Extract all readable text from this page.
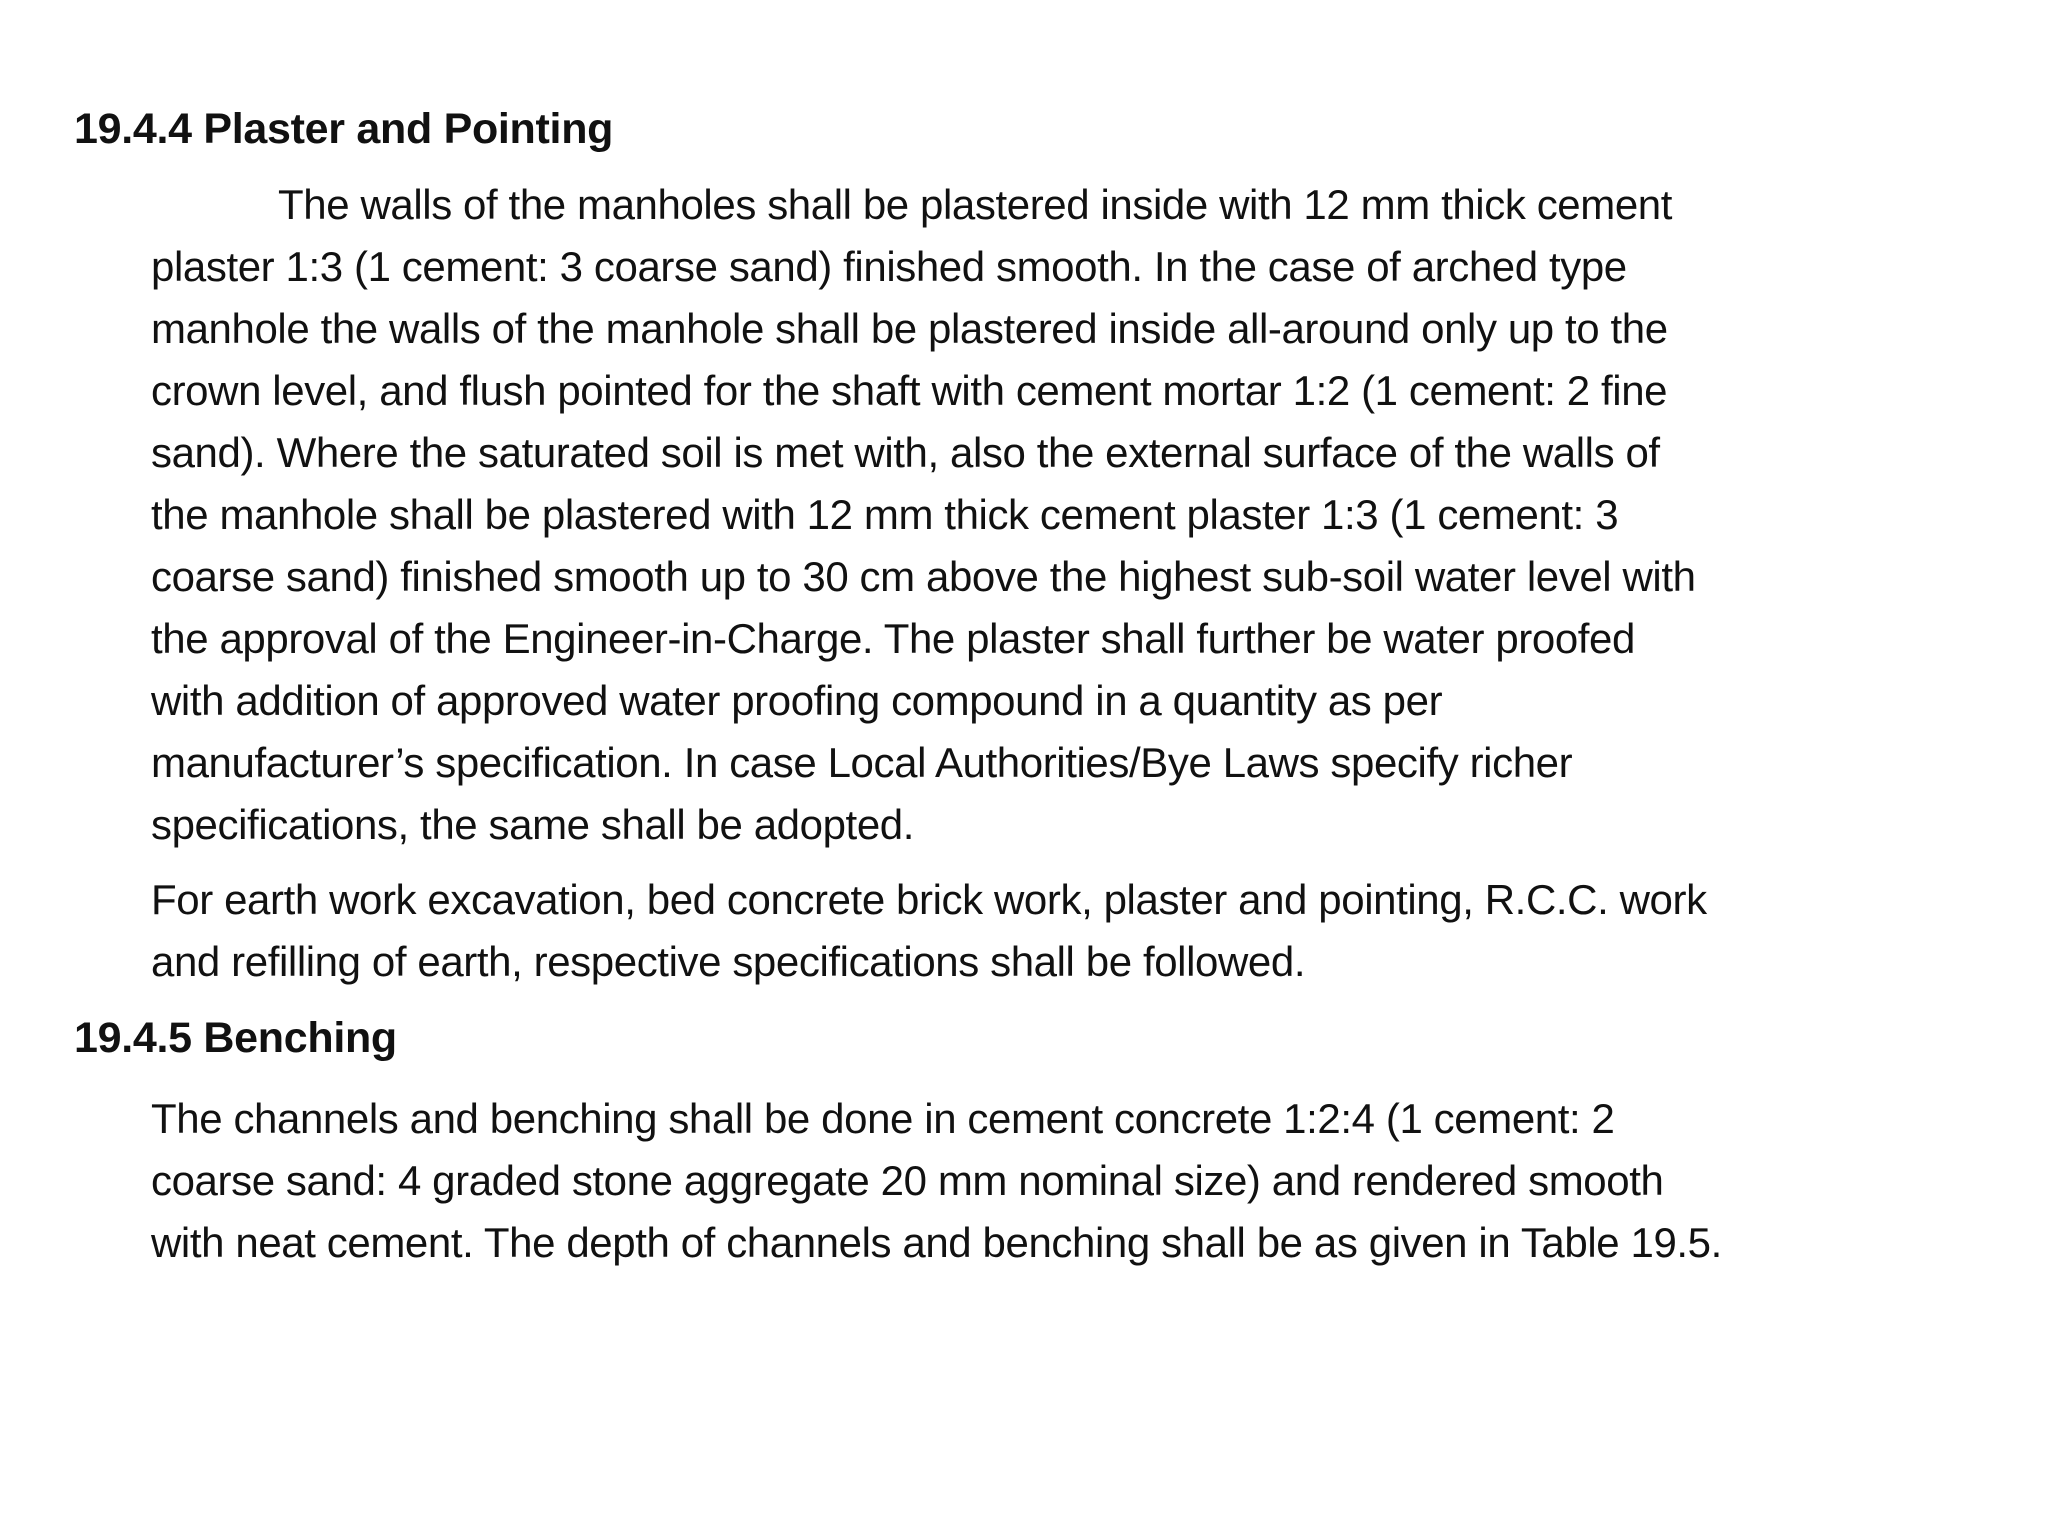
19.4.4 Plaster and Pointing

The walls of the manholes shall be plastered inside with 12 mm thick cement
plaster 1:3 (1 cement: 3 coarse sand) finished smooth. In the case of arched type
manhole the walls of the manhole shall be plastered inside all-around only up to the
crown level, and flush pointed for the shaft with cement mortar 1:2 (1 cement: 2 fine
sand). Where the saturated soil is met with, also the external surface of the walls of
the manhole shall be plastered with 12 mm thick cement plaster 1:3 (1 cement: 3
coarse sand) finished smooth up to 30 cm above the highest sub-soil water level with
the approval of the Engineer-in-Charge. The plaster shall further be water proofed
with addition of approved water proofing compound in a quantity as per
manufacturer’s specification. In case Local Authorities/Bye Laws specify richer
specifications, the same shall be adopted.

For earth work excavation, bed concrete brick work, plaster and pointing, R.C.C. work
and refilling of earth, respective specifications shall be followed.

19.4.5 Benching

The channels and benching shall be done in cement concrete 1:2:4 (1 cement: 2
coarse sand: 4 graded stone aggregate 20 mm nominal size) and rendered smooth
with neat cement. The depth of channels and benching shall be as given in Table 19.5.
